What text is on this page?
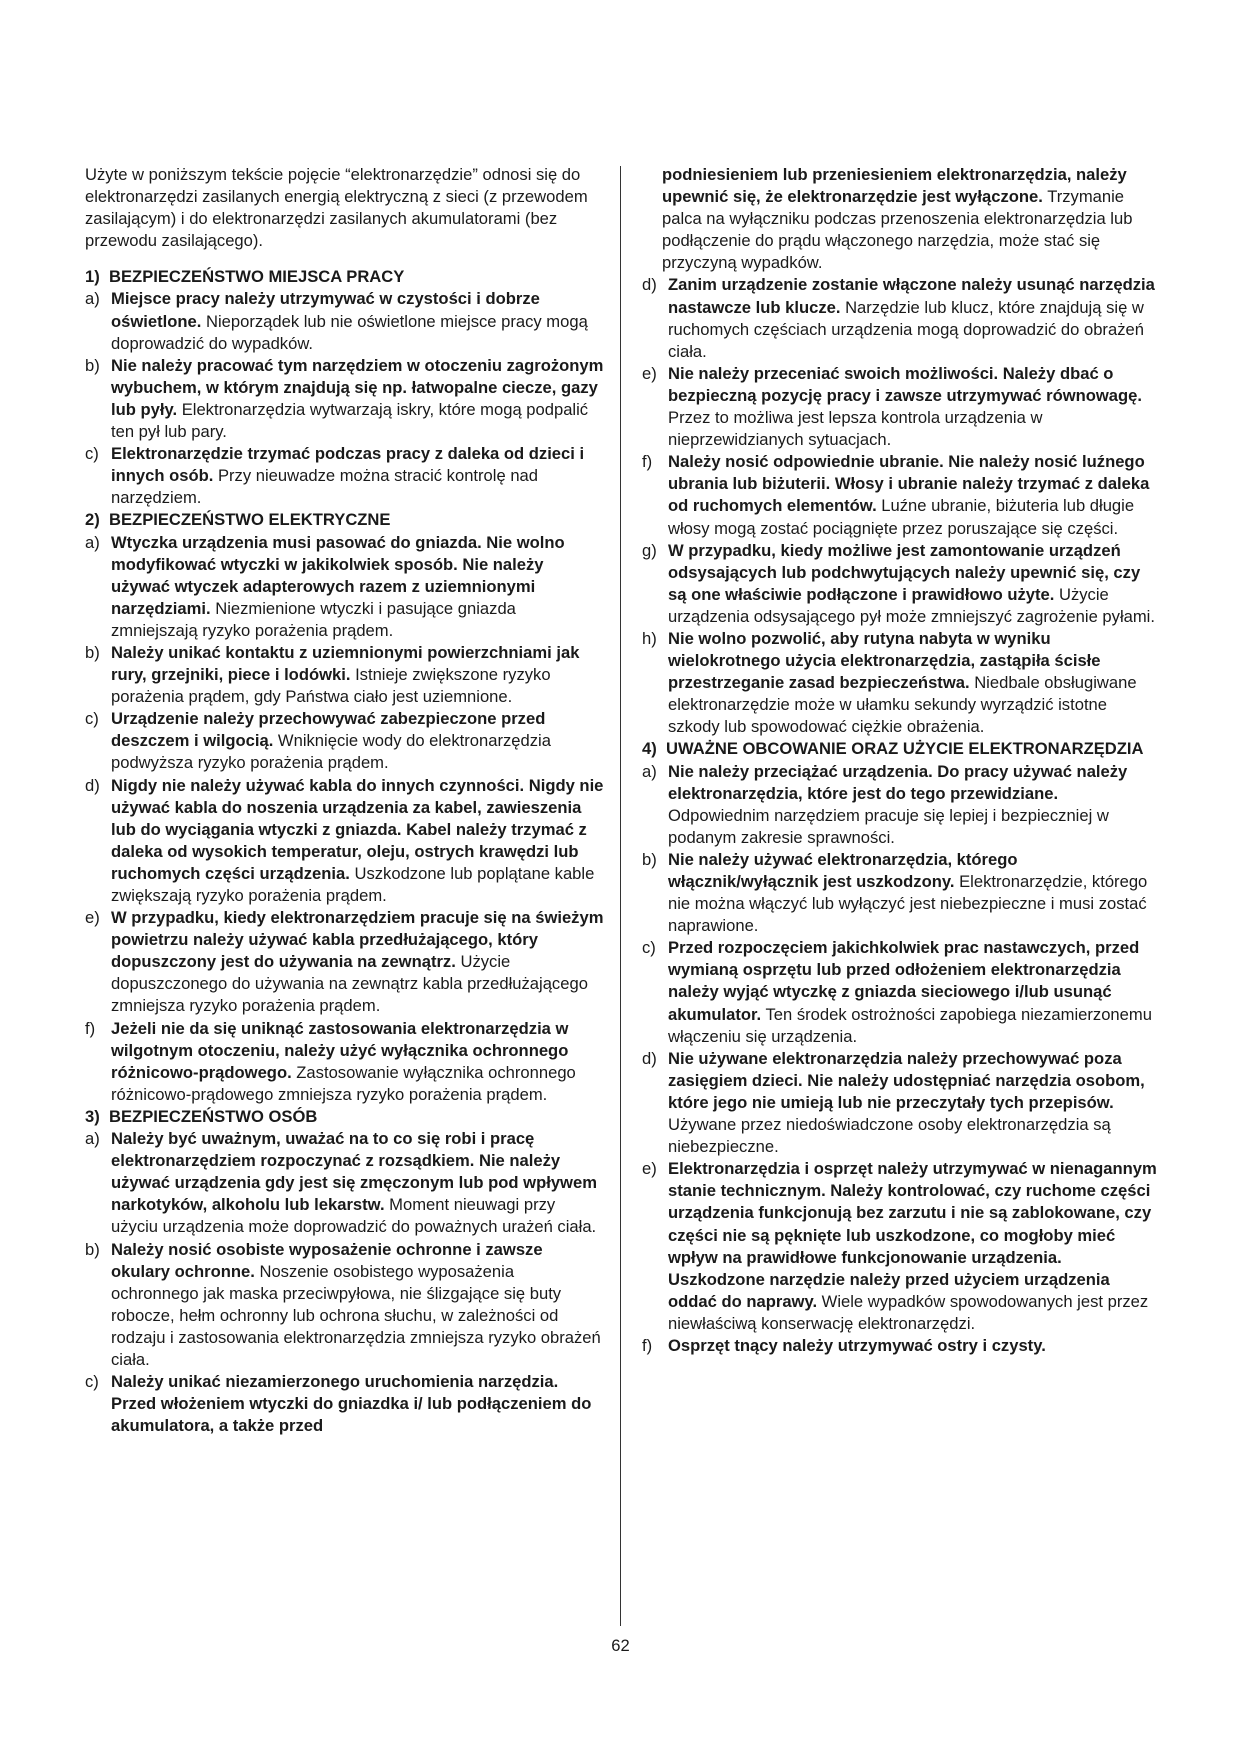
Użyte w poniższym tekście pojęcie “elektronarzędzie” odnosi się do elektronarzędzi zasilanych energią elektryczną z sieci (z przewodem zasilającym) i do elektronarzędzi zasilanych akumulatorami (bez przewodu zasilającego).

1) BEZPIECZEŃSTWO MIEJSCA PRACY
a) Miejsce pracy należy utrzymywać w czystości i dobrze oświetlone. Nieporządek lub nie oświetlone miejsce pracy mogą doprowadzić do wypadków.
b) Nie należy pracować tym narzędziem w otoczeniu zagrożonym wybuchem, w którym znajdują się np. łatwopalne ciecze, gazy lub pyły. Elektronarzędzia wytwarzają iskry, które mogą podpalić ten pył lub pary.
c) Elektronarzędzie trzymać podczas pracy z daleka od dzieci i innych osób. Przy nieuwadze można stracić kontrolę nad narzędziem.
2) BEZPIECZEŃSTWO ELEKTRYCZNE
a) Wtyczka urządzenia musi pasować do gniazda. Nie wolno modyfikować wtyczki w jakikolwiek sposób. Nie należy używać wtyczek adapterowych razem z uziemnionymi narzędziami. Niezmienione wtyczki i pasujące gniazda zmniejszają ryzyko porażenia prądem.
b) Należy unikać kontaktu z uziemnionymi powierzchniami jak rury, grzejniki, piece i lodówki. Istnieje zwiększone ryzyko porażenia prądem, gdy Państwa ciało jest uziemnione.
c) Urządzenie należy przechowywać zabezpieczone przed deszczem i wilgocią. Wniknięcie wody do elektronarzędzia podwyższa ryzyko porażenia prądem.
d) Nigdy nie należy używać kabla do innych czynności. Nigdy nie używać kabla do noszenia urządzenia za kabel, zawieszenia lub do wyciągania wtyczki z gniazda. Kabel należy trzymać z daleka od wysokich temperatur, oleju, ostrych krawędzi lub ruchomych części urządzenia. Uszkodzone lub poplątane kable zwiększają ryzyko porażenia prądem.
e) W przypadku, kiedy elektronarzędziem pracuje się na świeżym powietrzu należy używać kabla przedłużającego, który dopuszczony jest do używania na zewnątrz. Użycie dopuszczonego do używania na zewnątrz kabla przedłużającego zmniejsza ryzyko porażenia prądem.
f) Jeżeli nie da się uniknąć zastosowania elektronarzędzia w wilgotnym otoczeniu, należy użyć wyłącznika ochronnego różnicowo-prądowego. Zastosowanie wyłącznika ochronnego różnicowo-prądowego zmniejsza ryzyko porażenia prądem.
3) BEZPIECZEŃSTWO OSÓB
a) Należy być uważnym, uważać na to co się robi i pracę elektronarzędziem rozpoczynać z rozsądkiem. Nie należy używać urządzenia gdy jest się zmęczonym lub pod wpływem narkotyków, alkoholu lub lekarstw. Moment nieuwagi przy użyciu urządzenia może doprowadzić do poważnych urażeń ciała.
b) Należy nosić osobiste wyposażenie ochronne i zawsze okulary ochronne. Noszenie osobistego wyposażenia ochronnego jak maska przeciwpyłowa, nie ślizgające się buty robocze, hełm ochronny lub ochrona słuchu, w zależności od rodzaju i zastosowania elektronarzędzia zmniejsza ryzyko obrażeń ciała.
c) Należy unikać niezamierzonego uruchomienia narzędzia. Przed włożeniem wtyczki do gniazdka i/ lub podłączeniem do akumulatora, a także przed

podniesieniem lub przeniesieniem elektronarzędzia, należy upewnić się, że elektronarzędzie jest wyłączone. Trzymanie palca na wyłączniku podczas przenoszenia elektronarzędzia lub podłączenie do prądu włączonego narzędzia, może stać się przyczyną wypadków.

d) Zanim urządzenie zostanie włączone należy usunąć narzędzia nastawcze lub klucze. Narzędzie lub klucz, które znajdują się w ruchomych częściach urządzenia mogą doprowadzić do obrażeń ciała.
e) Nie należy przeceniać swoich możliwości. Należy dbać o bezpieczną pozycję pracy i zawsze utrzymywać równowagę. Przez to możliwa jest lepsza kontrola urządzenia w nieprzewidzianych sytuacjach.
f) Należy nosić odpowiednie ubranie. Nie należy nosić luźnego ubrania lub biżuterii. Włosy i ubranie należy trzymać z daleka od ruchomych elementów. Luźne ubranie, biżuteria lub długie włosy mogą zostać pociągnięte przez poruszające się części.
g) W przypadku, kiedy możliwe jest zamontowanie urządzeń odsysających lub podchwytujących należy upewnić się, czy są one właściwie podłączone i prawidłowo użyte. Użycie urządzenia odsysającego pył może zmniejszyć zagrożenie pyłami.
h) Nie wolno pozwolić, aby rutyna nabyta w wyniku wielokrotnego użycia elektronarzędzia, zastąpiła ścisłe przestrzeganie zasad bezpieczeństwa. Niedbale obsługiwane elektronarzędzie może w ułamku sekundy wyrządzić istotne szkody lub spowodować ciężkie obrażenia.
4) UWAŻNE OBCOWANIE ORAZ UŻYCIE ELEKTRONARZĘDZIA
a) Nie należy przeciążać urządzenia. Do pracy używać należy elektronarzędzia, które jest do tego przewidziane. Odpowiednim narzędziem pracuje się lepiej i bezpieczniej w podanym zakresie sprawności.
b) Nie należy używać elektronarzędzia, którego włącznik/wyłącznik jest uszkodzony. Elektronarzędzie, którego nie można włączyć lub wyłączyć jest niebezpieczne i musi zostać naprawione.
c) Przed rozpoczęciem jakichkolwiek prac nastawczych, przed wymianą osprzętu lub przed odłożeniem elektronarzędzia należy wyjąć wtyczkę z gniazda sieciowego i/lub usunąć akumulator. Ten środek ostrożności zapobiega niezamierzonemu włączeniu się urządzenia.
d) Nie używane elektronarzędzia należy przechowywać poza zasięgiem dzieci. Nie należy udostępniać narzędzia osobom, które jego nie umieją lub nie przeczytały tych przepisów. Używane przez niedoświadczone osoby elektronarzędzia są niebezpieczne.
e) Elektronarzędzia i osprzęt należy utrzymywać w nienagannym stanie technicznym. Należy kontrolować, czy ruchome części urządzenia funkcjonują bez zarzutu i nie są zablokowane, czy części nie są pęknięte lub uszkodzone, co mogłoby mieć wpływ na prawidłowe funkcjonowanie urządzenia. Uszkodzone narzędzie należy przed użyciem urządzenia oddać do naprawy. Wiele wypadków spowodowanych jest przez niewłaściwą konserwację elektronarzędzi.
f) Osprzęt tnący należy utrzymywać ostry i czysty.
62
